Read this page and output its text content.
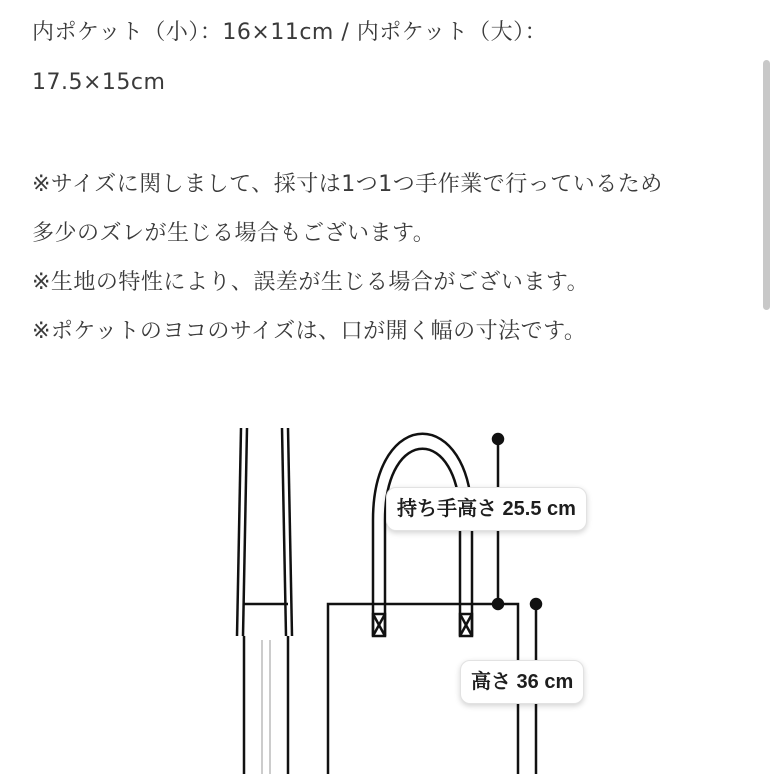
内ポケット（小）：16×11cm / 内ポケット（大）：
17.5×15cm
※サイズに関しまして、採寸は1つ1つ手作業で行っているため
多少のズレが生じる場合もございます。
※生地の特性により、誤差が生じる場合がございます。
※ポケットのヨコのサイズは、口が開く幅の寸法です。
持ち手高さ 25.5 cm
高さ 36 cm
